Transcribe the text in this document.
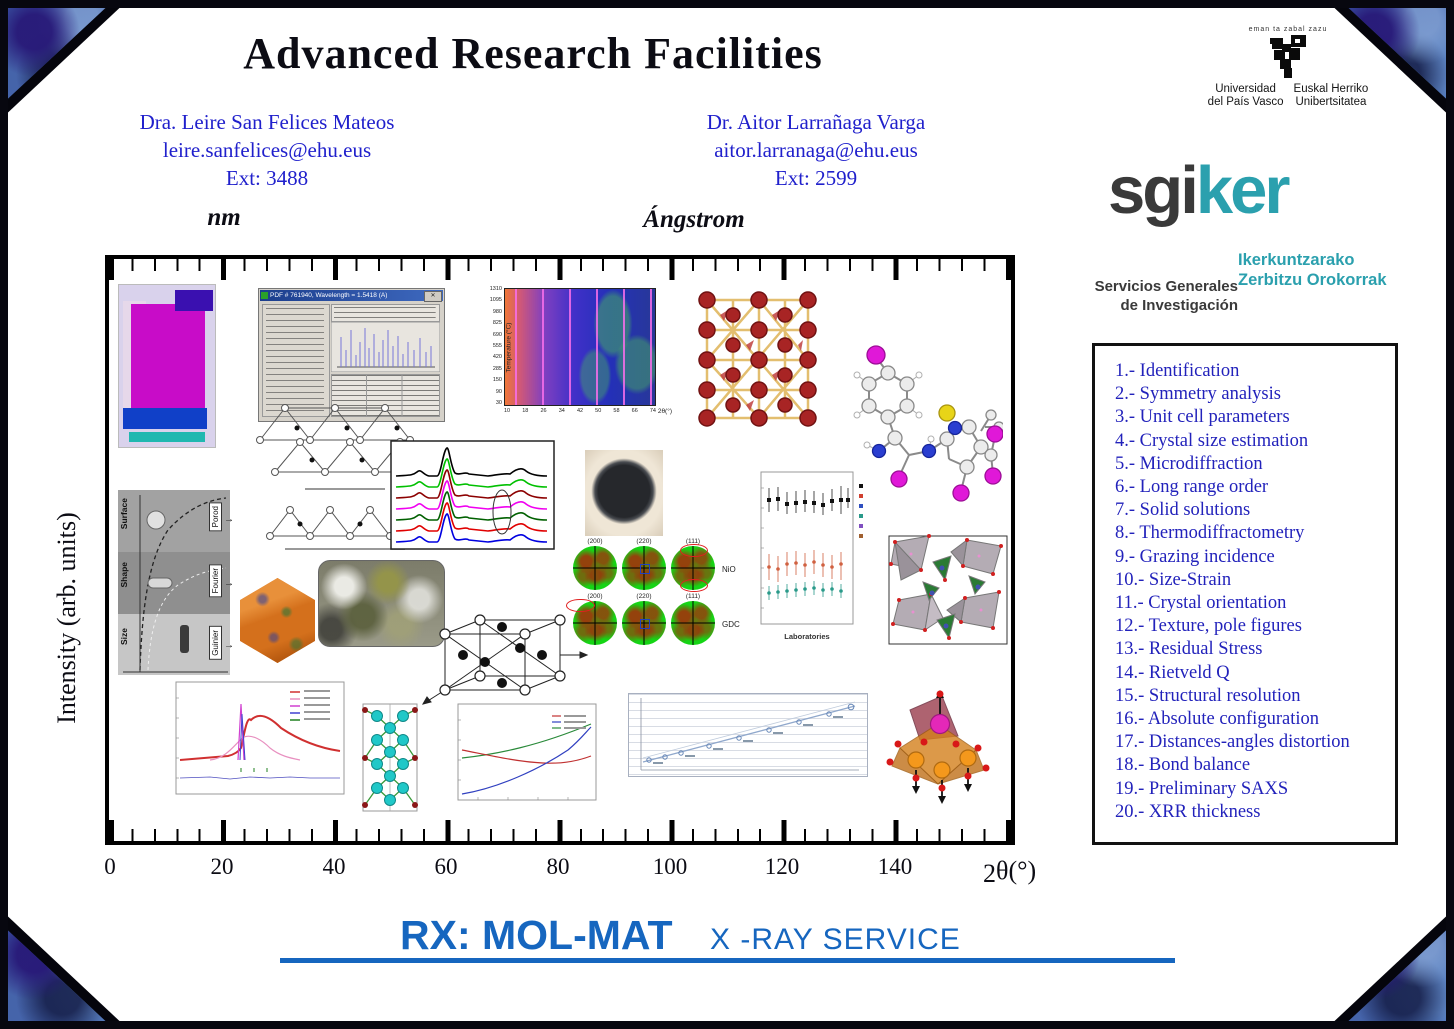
Advanced Research Facilities
Dra. Leire San Felices Mateos
leire.sanfelices@ehu.eus
Ext: 3488
Dr. Aitor Larrañaga Varga
aitor.larranaga@ehu.eus
Ext: 2599
nm	Ángstrom
eman ta zabal zazu
Universidad
del País Vasco
Euskal Herriko
Unibertsitatea
sgiker
Ikerkuntzarako
Zerbitzu Orokorrak
Servicios Generales
de Investigación
1.- Identification
2.- Symmetry analysis
3.- Unit cell parameters
4.- Crystal size estimation
5.- Microdiffraction
6.- Long range order
7.- Solid solutions
8.- Thermodiffractometry
9.- Grazing incidence
10.- Size-Strain
11.- Crystal orientation
12.- Texture, pole figures
13.- Residual Stress
14.- Rietveld Q
15.- Structural resolution
16.- Absolute configuration
17.- Distances-angles distortion
18.- Bond balance
19.- Preliminary SAXS
20.- XRR thickness
0	20	40	60	80	100	120	140	2θ(°)
Intensity (arb. units)
PDF # 761940, Wavelength = 1.5418 (A)	✕
Temperature (°C)
1310
1095
980
825
690
555
420
285
150
90
30
10 18 26 34 42 50 58 66 74 2θ(°)
Surface
Shape
Size
Porod
Fourier
Guinier
→
→
→
Laboratories
(200)	(220)	(111)
NiO
(200)	(220)	(111)
GDC
RX: MOL-MAT X -RAY SERVICE
